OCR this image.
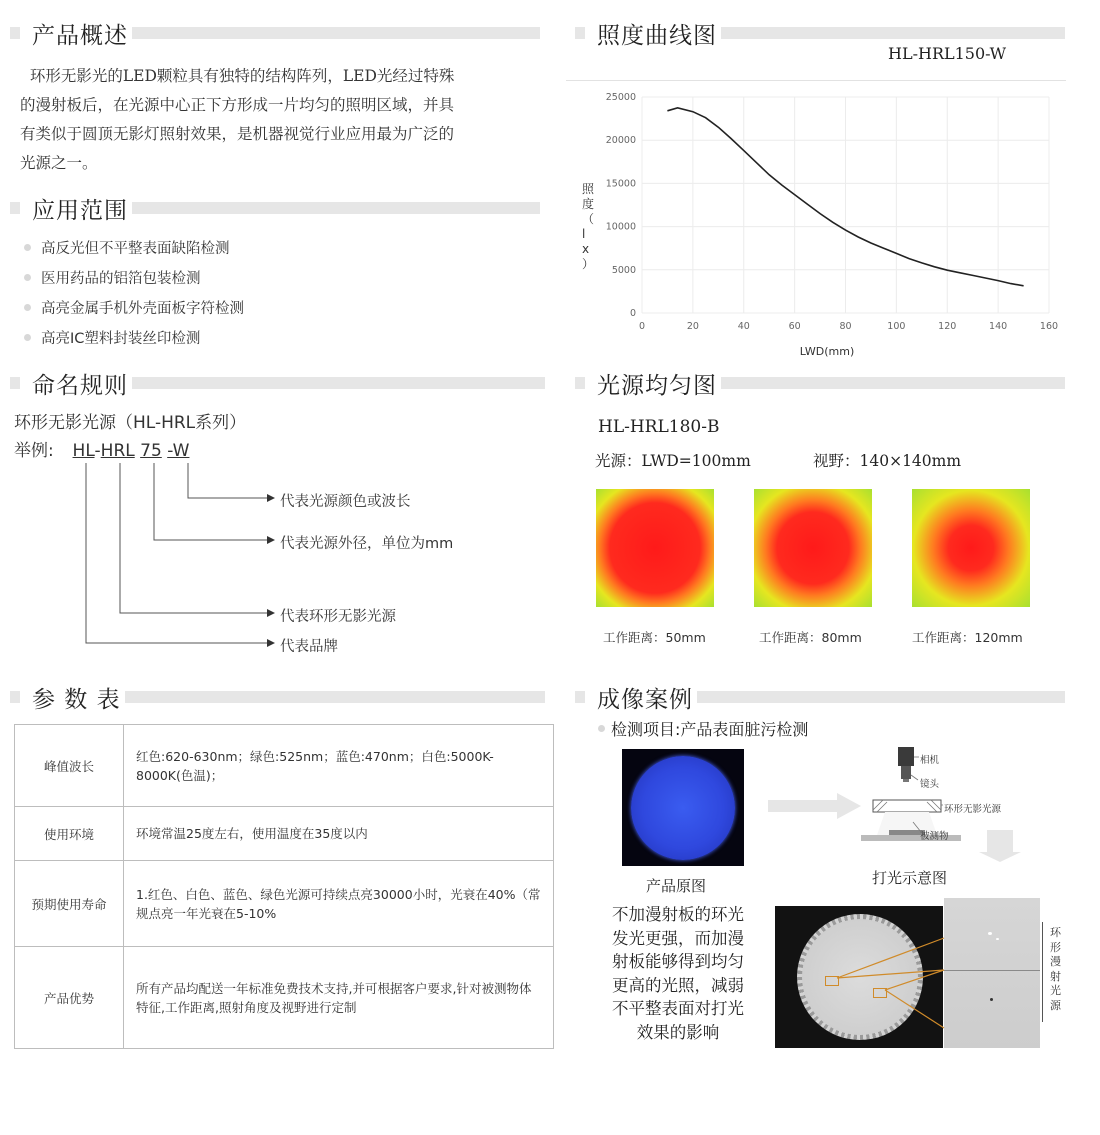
产品概述
环形无影光的LED颗粒具有独特的结构阵列，LED光经过特殊
的漫射板后，在光源中心正下方形成一片均匀的照明区域，并具
有类似于圆顶无影灯照射效果，是机器视觉行业应用最为广泛的
光源之一。
应用范围
高反光但不平整表面缺陷检测
医用药品的铝箔包装检测
高亮金属手机外壳面板字符检测
高亮IC塑料封装丝印检测
命名规则
环形无影光源（HL-HRL系列）
举例: HL-HRL 75 -W
代表光源颜色或波长
代表光源外径，单位为mm
代表环形无影光源
代表品牌
参 数 表
峰值波长	红色:620-630nm；绿色:525nm；蓝色:470nm；白色:5000K-8000K(色温)；
使用环境	环境常温25度左右，使用温度在35度以内
预期使用寿命	1.红色、白色、蓝色、绿色光源可持续点亮30000小时，光衰在40%（常规点亮一年光衰在5-10%
产品优势	所有产品均配送一年标准免费技术支持,并可根据客户要求,针对被测物体特征,工作距离,照射角度及视野进行定制
照度曲线图
HL-HRL150-W
0
5000
10000
15000
20000
25000
0	20	40	60	80	100	120	140	160
照度（ l x ）
LWD(mm)
光源均匀图
HL-HRL180-B
光源：LWD=100mm	视野：140×140mm
工作距离：50mm	工作距离：80mm	工作距离：120mm
成像案例
检测项目:产品表面脏污检测
产品原图
相机
镜头
环形无影光源
被测物
打光示意图
不加漫射板的环光
发光更强，而加漫
射板能够得到均匀
更高的光照，减弱
不平整表面对打光
效果的影响
环
形
漫
射
光
源
